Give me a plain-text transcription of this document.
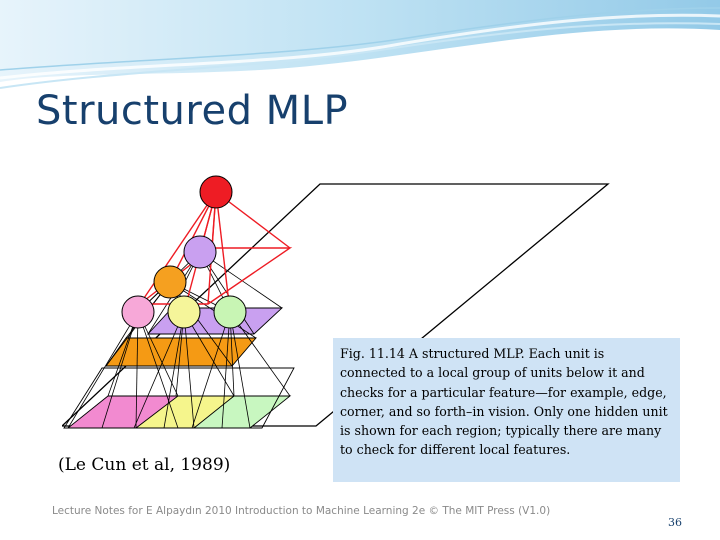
Structured MLP
(Le Cun et al, 1989)

Fig. 11.14 A structured MLP. Each unit is connected to a local group of units below it and checks for a particular feature—for example, edge, corner, and so forth–in vision. Only one hidden unit is shown for each region; typically there are many to check for different local features.

Lecture Notes for E Alpaydın 2010 Introduction to Machine Learning 2e © The MIT Press (V1.0)
36
